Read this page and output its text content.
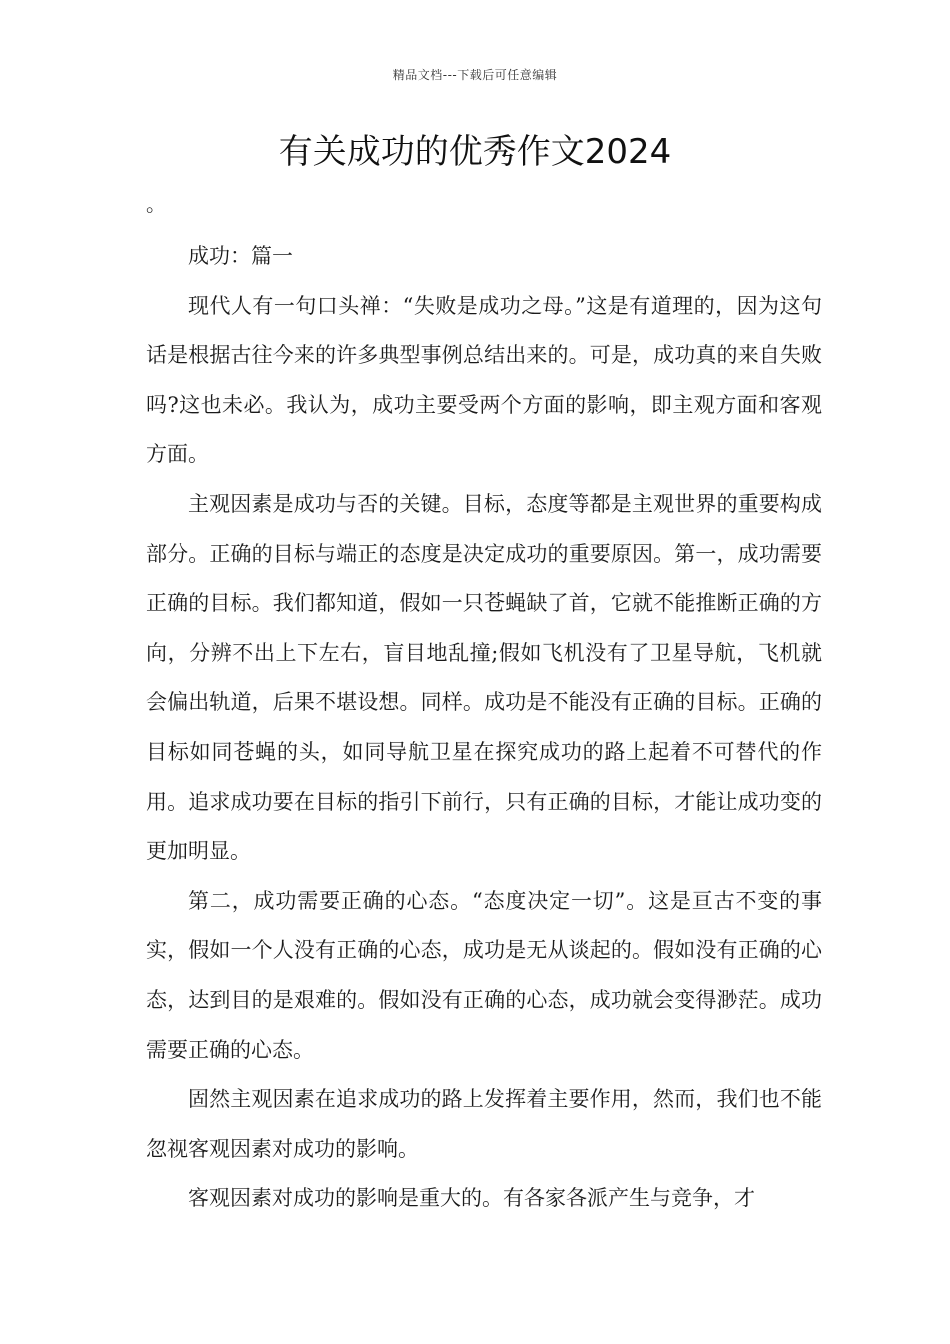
精品文档---下载后可任意编辑
有关成功的优秀作文2024
。

成功：篇一

现代人有一句口头禅：“失败是成功之母。”这是有道理的，因为这句话是根据古往今来的许多典型事例总结出来的。可是，成功真的来自失败吗?这也未必。我认为，成功主要受两个方面的影响，即主观方面和客观方面。

主观因素是成功与否的关键。目标，态度等都是主观世界的重要构成部分。正确的目标与端正的态度是决定成功的重要原因。第一，成功需要正确的目标。我们都知道，假如一只苍蝇缺了首，它就不能推断正确的方向，分辨不出上下左右，盲目地乱撞;假如飞机没有了卫星导航，飞机就会偏出轨道，后果不堪设想。同样。成功是不能没有正确的目标。正确的目标如同苍蝇的头，如同导航卫星在探究成功的路上起着不可替代的作用。追求成功要在目标的指引下前行，只有正确的目标，才能让成功变的更加明显。

第二，成功需要正确的心态。“态度决定一切”。这是亘古不变的事实，假如一个人没有正确的心态，成功是无从谈起的。假如没有正确的心态，达到目的是艰难的。假如没有正确的心态，成功就会变得渺茫。成功需要正确的心态。

固然主观因素在追求成功的路上发挥着主要作用，然而，我们也不能忽视客观因素对成功的影响。

客观因素对成功的影响是重大的。有各家各派产生与竞争，才
